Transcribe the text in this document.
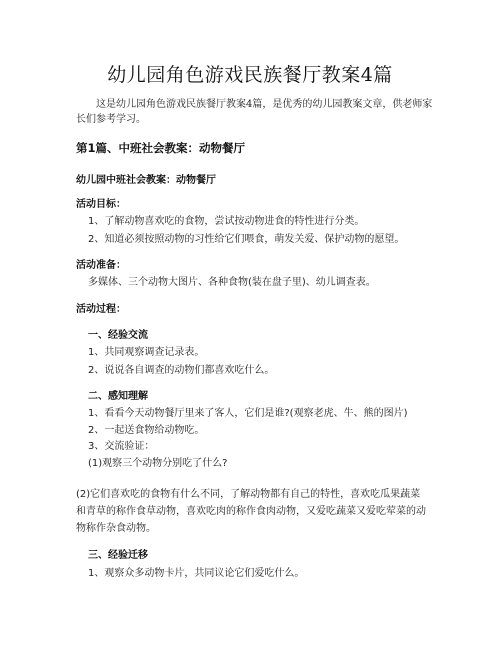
幼儿园角色游戏民族餐厅教案4篇

这是幼儿园角色游戏民族餐厅教案4篇，是优秀的幼儿园教案文章，供老师家长们参考学习。

第1篇、中班社会教案：动物餐厅
幼儿园中班社会教案：动物餐厅
活动目标：
1、了解动物喜欢吃的食物，尝试按动物进食的特性进行分类。
2、知道必须按照动物的习性给它们喂食，萌发关爱、保护动物的愿望。
活动准备：
多媒体、三个动物大图片、各种食物(装在盘子里)、幼儿调查表。
活动过程：
一、经验交流
1、共同观察调查记录表。
2、说说各自调查的动物们都喜欢吃什么。
二、感知理解
1、看看今天动物餐厅里来了客人，它们是谁?(观察老虎、牛、熊的图片)
2、一起送食物给动物吃。
3、交流验证：
(1)观察三个动物分别吃了什么?

(2)它们喜欢吃的食物有什么不同，了解动物都有自己的特性，喜欢吃瓜果蔬菜和青草的称作食草动物，喜欢吃肉的称作食肉动物，又爱吃蔬菜又爱吃荤菜的动物称作杂食动物。

三、经验迁移
1、观察众多动物卡片，共同议论它们爱吃什么。
